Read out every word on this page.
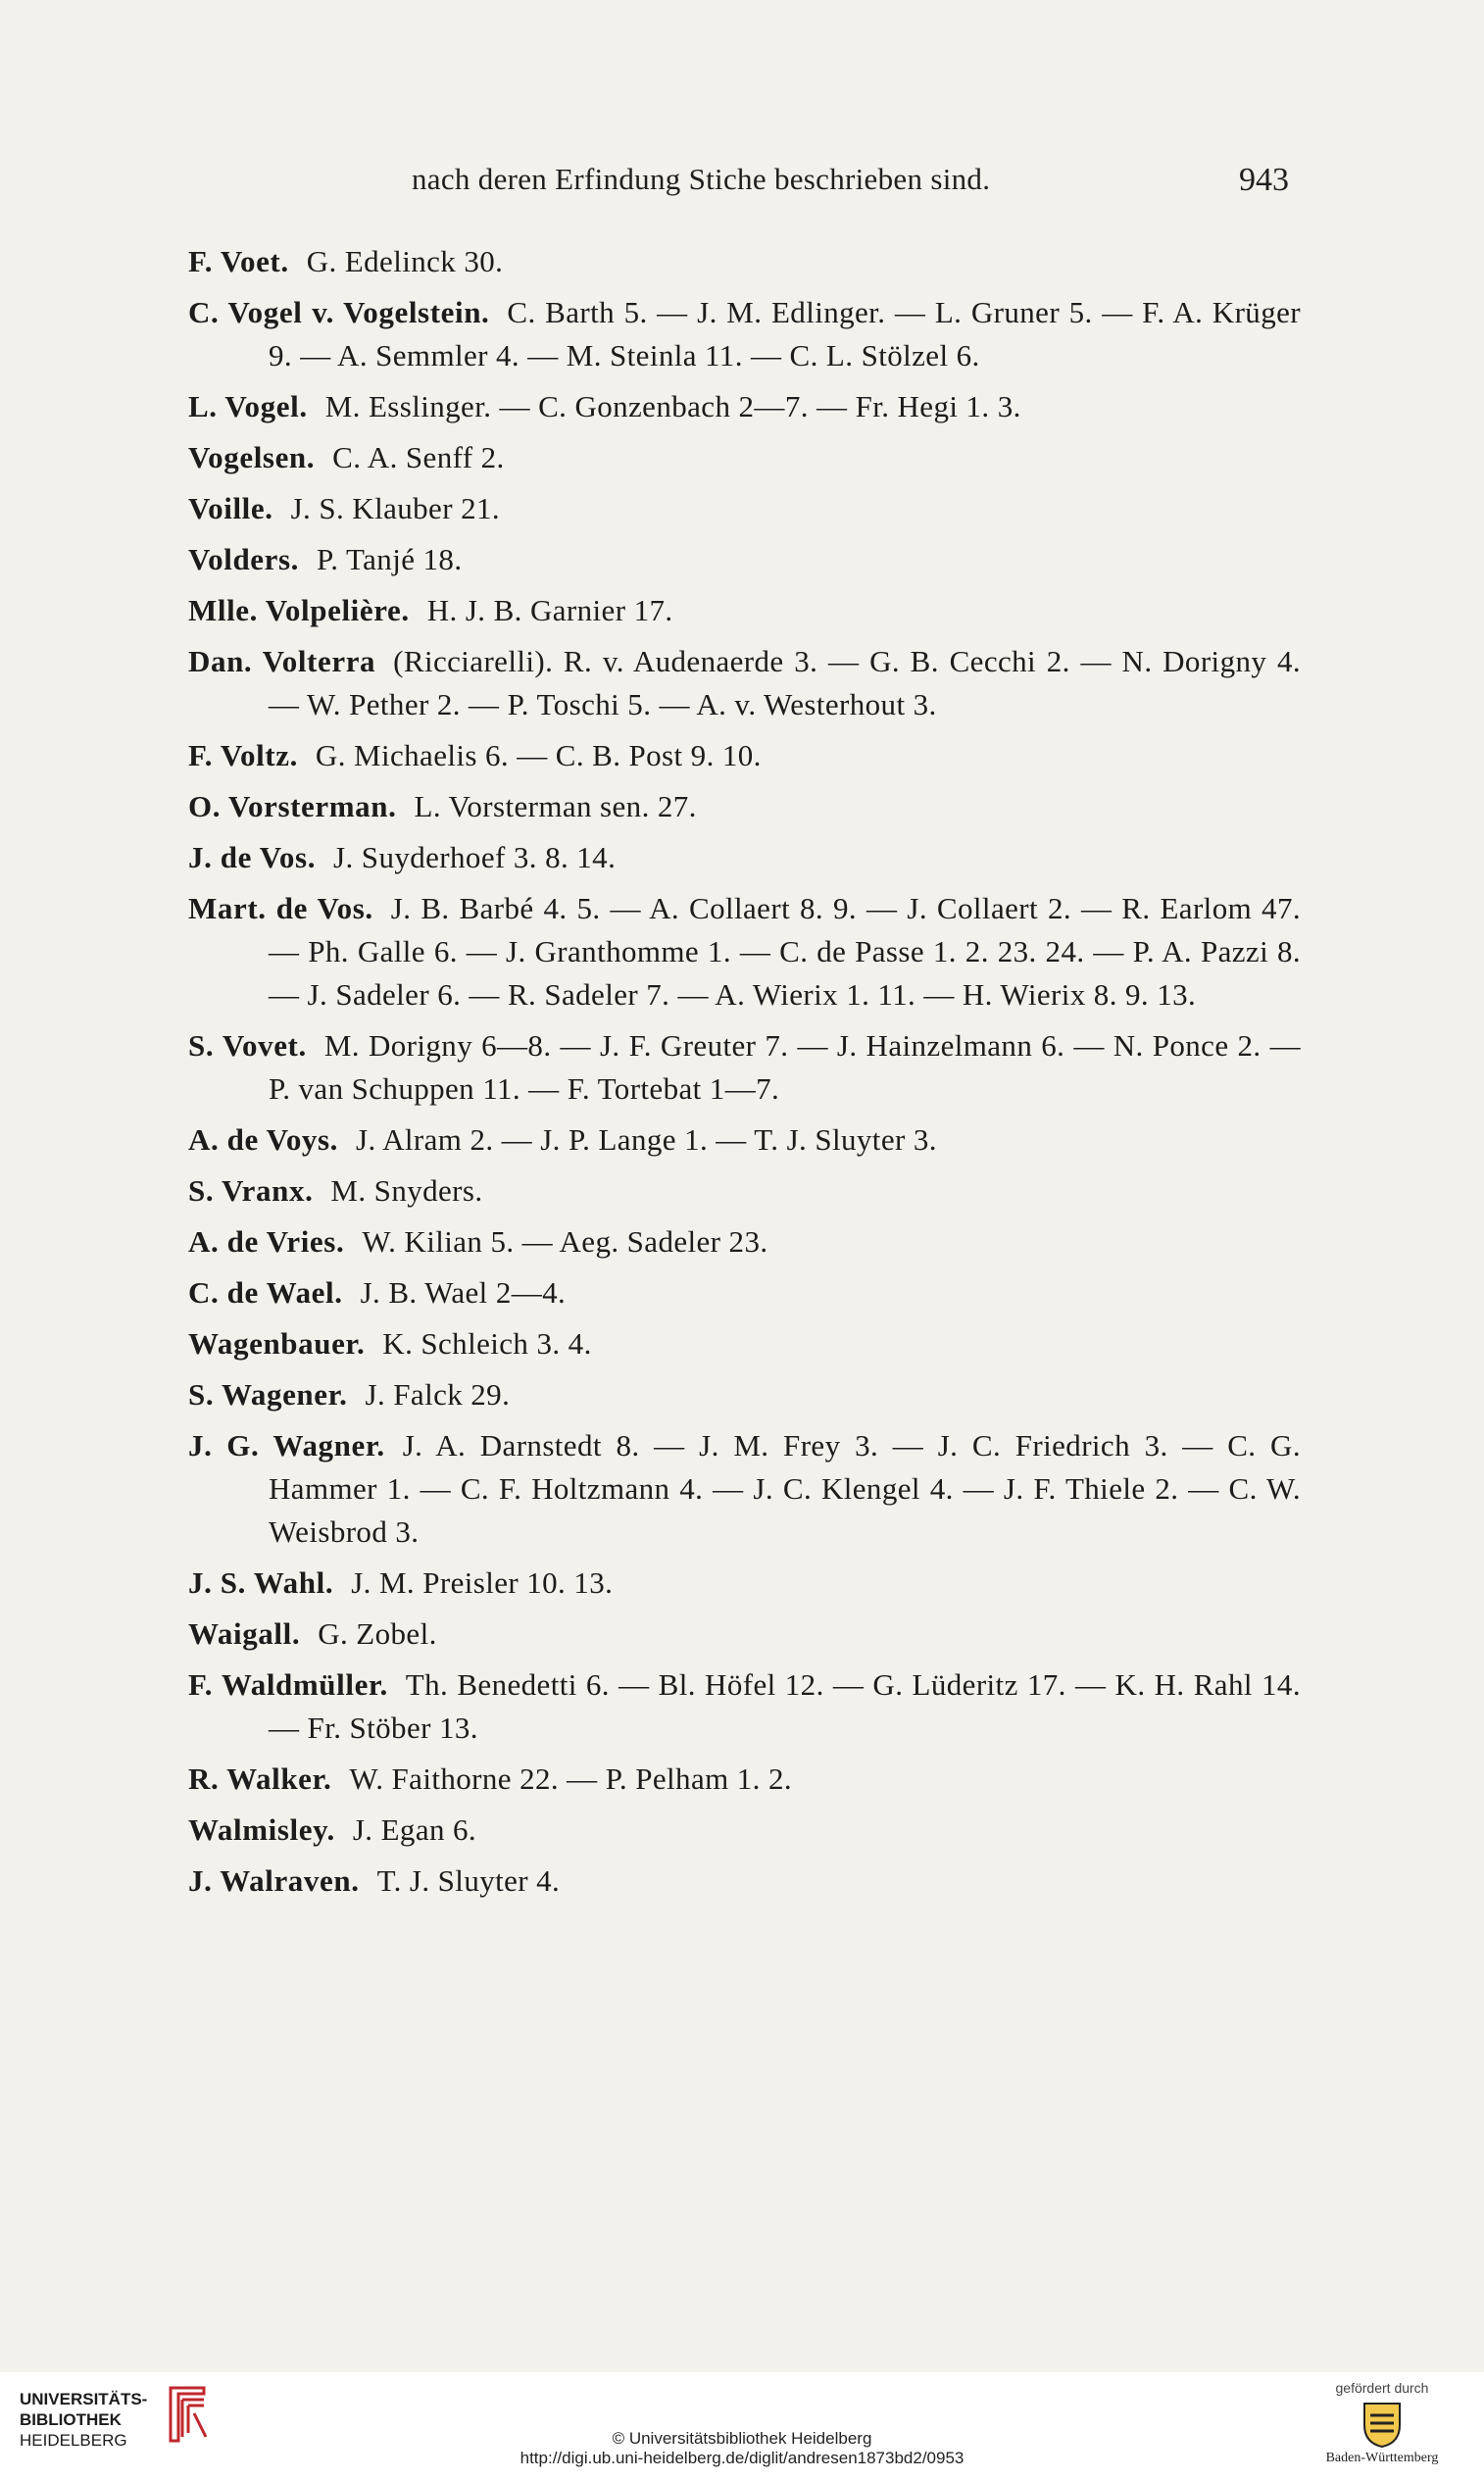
nach deren Erfindung Stiche beschrieben sind.	943
F. Voet. G. Edelinck 30.
C. Vogel v. Vogelstein. C. Barth 5. — J. M. Edlinger. — L. Gruner 5. — F. A. Krüger 9. — A. Semmler 4. — M. Steinla 11. — C. L. Stölzel 6.
L. Vogel. M. Esslinger. — C. Gonzenbach 2—7. — Fr. Hegi 1. 3.
Vogelsen. C. A. Senff 2.
Voille. J. S. Klauber 21.
Volders. P. Tanjé 18.
Mlle. Volpelière. H. J. B. Garnier 17.
Dan. Volterra (Ricciarelli). R. v. Audenaerde 3. — G. B. Cecchi 2. — N. Dorigny 4. — W. Pether 2. — P. Toschi 5. — A. v. Westerhout 3.
F. Voltz. G. Michaelis 6. — C. B. Post 9. 10.
O. Vorsterman. L. Vorsterman sen. 27.
J. de Vos. J. Suyderhoef 3. 8. 14.
Mart. de Vos. J. B. Barbé 4. 5. — A. Collaert 8. 9. — J. Collaert 2. — R. Earlom 47. — Ph. Galle 6. — J. Granthomme 1. — C. de Passe 1. 2. 23. 24. — P. A. Pazzi 8. — J. Sadeler 6. — R. Sadeler 7. — A. Wierix 1. 11. — H. Wierix 8. 9. 13.
S. Vovet. M. Dorigny 6—8. — J. F. Greuter 7. — J. Hainzelmann 6. — N. Ponce 2. — P. van Schuppen 11. — F. Tortebat 1—7.
A. de Voys. J. Alram 2. — J. P. Lange 1. — T. J. Sluyter 3.
S. Vranx. M. Snyders.
A. de Vries. W. Kilian 5. — Aeg. Sadeler 23.
C. de Wael. J. B. Wael 2—4.
Wagenbauer. K. Schleich 3. 4.
S. Wagener. J. Falck 29.
J. G. Wagner. J. A. Darnstedt 8. — J. M. Frey 3. — J. C. Friedrich 3. — C. G. Hammer 1. — C. F. Holtzmann 4. — J. C. Klengel 4. — J. F. Thiele 2. — C. W. Weisbrod 3.
J. S. Wahl. J. M. Preisler 10. 13.
Waigall. G. Zobel.
F. Waldmüller. Th. Benedetti 6. — Bl. Höfel 12. — G. Lüderitz 17. — K. H. Rahl 14. — Fr. Stöber 13.
R. Walker. W. Faithorne 22. — P. Pelham 1. 2.
Walmisley. J. Egan 6.
J. Walraven. T. J. Sluyter 4.
UNIVERSITÄTS-
BIBLIOTHEK
HEIDELBERG	© Universitätsbibliothek Heidelberg
http://digi.ub.uni-heidelberg.de/diglit/andresen1873bd2/0953
gefördert durch
Baden-Württemberg
